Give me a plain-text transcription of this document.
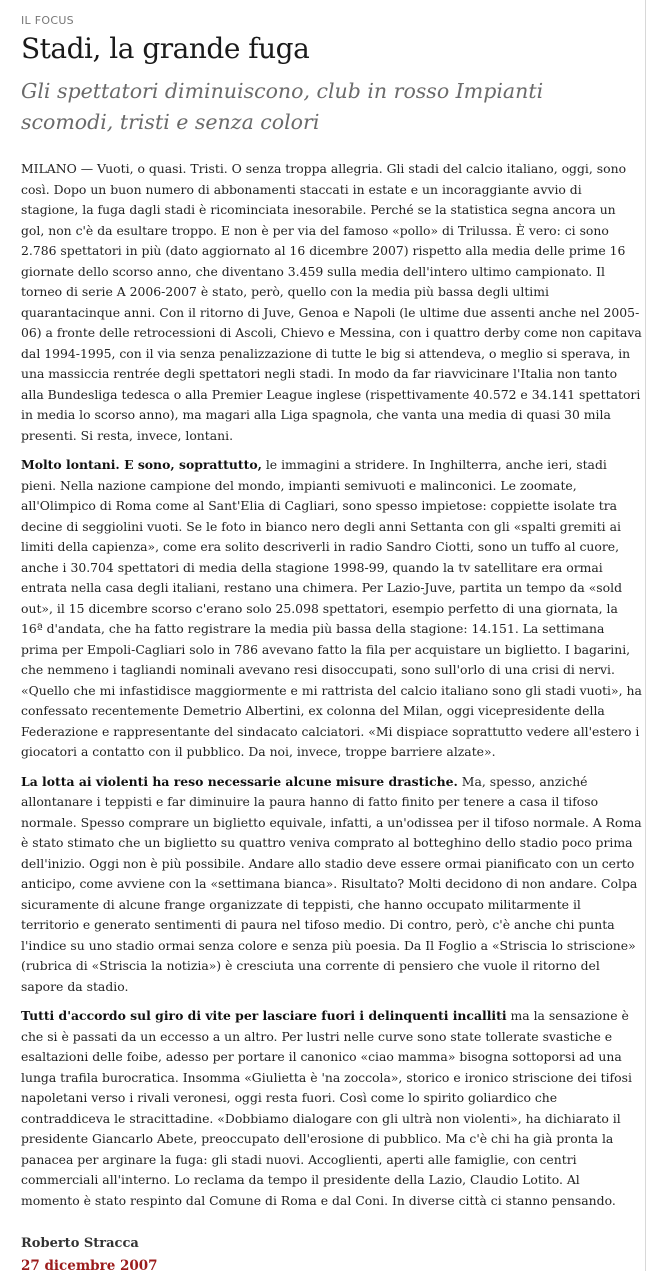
IL FOCUS
Stadi, la grande fuga
Gli spettatori diminuiscono, club in rosso Impianti scomodi, tristi e senza colori

MILANO — Vuoti, o quasi. Tristi. O senza troppa allegria. Gli stadi del calcio italiano, oggi, sono così. Dopo un buon numero di abbonamenti staccati in estate e un incoraggiante avvio di stagione, la fuga dagli stadi è ricominciata inesorabile. Perché se la statistica segna ancora un gol, non c'è da esultare troppo. E non è per via del famoso «pollo» di Trilussa. È vero: ci sono 2.786 spettatori in più (dato aggiornato al 16 dicembre 2007) rispetto alla media delle prime 16 giornate dello scorso anno, che diventano 3.459 sulla media dell'intero ultimo campionato. Il torneo di serie A 2006-2007 è stato, però, quello con la media più bassa degli ultimi quarantacinque anni. Con il ritorno di Juve, Genoa e Napoli (le ultime due assenti anche nel 2005-06) a fronte delle retrocessioni di Ascoli, Chievo e Messina, con i quattro derby come non capitava dal 1994-1995, con il via senza penalizzazione di tutte le big si attendeva, o meglio si sperava, in una massiccia rentrée degli spettatori negli stadi. In modo da far riavvicinare l'Italia non tanto alla Bundesliga tedesca o alla Premier League inglese (rispettivamente 40.572 e 34.141 spettatori in media lo scorso anno), ma magari alla Liga spagnola, che vanta una media di quasi 30 mila presenti. Si resta, invece, lontani.

Molto lontani. E sono, soprattutto, le immagini a stridere. In Inghilterra, anche ieri, stadi pieni. Nella nazione campione del mondo, impianti semivuoti e malinconici. Le zoomate, all'Olimpico di Roma come al Sant'Elia di Cagliari, sono spesso impietose: coppiette isolate tra decine di seggiolini vuoti. Se le foto in bianco nero degli anni Settanta con gli «spalti gremiti ai limiti della capienza», come era solito descriverli in radio Sandro Ciotti, sono un tuffo al cuore, anche i 30.704 spettatori di media della stagione 1998-99, quando la tv satellitare era ormai entrata nella casa degli italiani, restano una chimera. Per Lazio-Juve, partita un tempo da «sold out», il 15 dicembre scorso c'erano solo 25.098 spettatori, esempio perfetto di una giornata, la 16ª d'andata, che ha fatto registrare la media più bassa della stagione: 14.151. La settimana prima per Empoli-Cagliari solo in 786 avevano fatto la fila per acquistare un biglietto. I bagarini, che nemmeno i tagliandi nominali avevano resi disoccupati, sono sull'orlo di una crisi di nervi. «Quello che mi infastidisce maggiormente e mi rattrista del calcio italiano sono gli stadi vuoti», ha confessato recentemente Demetrio Albertini, ex colonna del Milan, oggi vicepresidente della Federazione e rappresentante del sindacato calciatori. «Mi dispiace soprattutto vedere all'estero i giocatori a contatto con il pubblico. Da noi, invece, troppe barriere alzate».

La lotta ai violenti ha reso necessarie alcune misure drastiche. Ma, spesso, anziché allontanare i teppisti e far diminuire la paura hanno di fatto finito per tenere a casa il tifoso normale. Spesso comprare un biglietto equivale, infatti, a un'odissea per il tifoso normale. A Roma è stato stimato che un biglietto su quattro veniva comprato al botteghino dello stadio poco prima dell'inizio. Oggi non è più possibile. Andare allo stadio deve essere ormai pianificato con un certo anticipo, come avviene con la «settimana bianca». Risultato? Molti decidono di non andare. Colpa sicuramente di alcune frange organizzate di teppisti, che hanno occupato militarmente il territorio e generato sentimenti di paura nel tifoso medio. Di contro, però, c'è anche chi punta l'indice su uno stadio ormai senza colore e senza più poesia. Da Il Foglio a «Striscia lo striscione» (rubrica di «Striscia la notizia») è cresciuta una corrente di pensiero che vuole il ritorno del sapore da stadio.

Tutti d'accordo sul giro di vite per lasciare fuori i delinquenti incalliti ma la sensazione è che si è passati da un eccesso a un altro. Per lustri nelle curve sono state tollerate svastiche e esaltazioni delle foibe, adesso per portare il canonico «ciao mamma» bisogna sottoporsi ad una lunga trafila burocratica. Insomma «Giulietta è 'na zoccola», storico e ironico striscione dei tifosi napoletani verso i rivali veronesi, oggi resta fuori. Così come lo spirito goliardico che contraddiceva le stracittadine. «Dobbiamo dialogare con gli ultrà non violenti», ha dichiarato il presidente Giancarlo Abete, preoccupato dell'erosione di pubblico. Ma c'è chi ha già pronta la panacea per arginare la fuga: gli stadi nuovi. Accoglienti, aperti alle famiglie, con centri commerciali all'interno. Lo reclama da tempo il presidente della Lazio, Claudio Lotito. Al momento è stato respinto dal Comune di Roma e dal Coni. In diverse città ci stanno pensando.

Roberto Stracca
27 dicembre 2007
